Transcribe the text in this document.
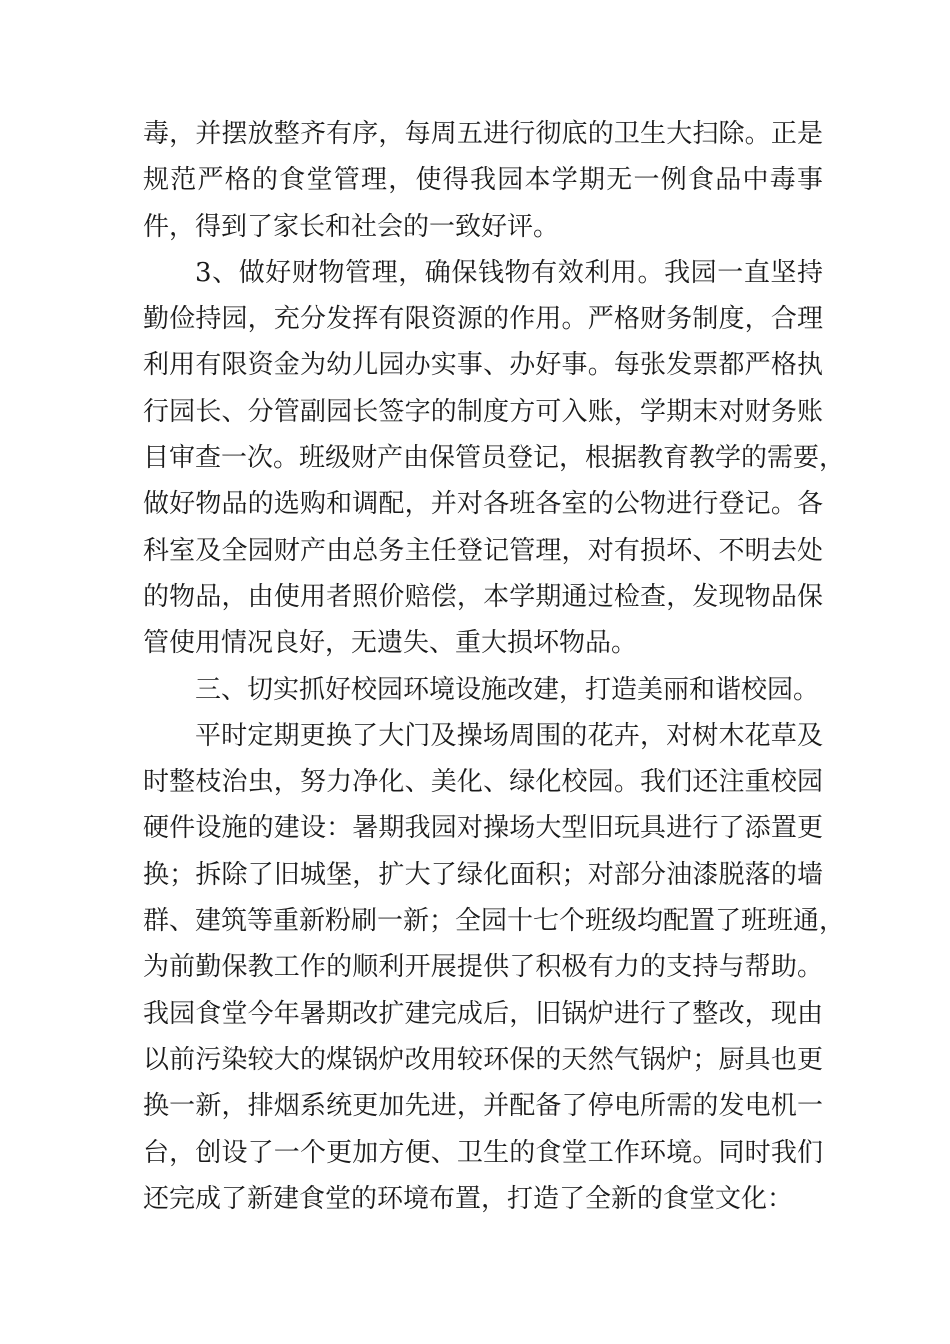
毒，并摆放整齐有序，每周五进行彻底的卫生大扫除。正是
规范严格的食堂管理，使得我园本学期无一例食品中毒事
件，得到了家长和社会的一致好评。
3、做好财物管理，确保钱物有效利用。我园一直坚持
勤俭持园，充分发挥有限资源的作用。严格财务制度，合理
利用有限资金为幼儿园办实事、办好事。每张发票都严格执
行园长、分管副园长签字的制度方可入账，学期末对财务账
目审查一次。班级财产由保管员登记，根据教育教学的需要，
做好物品的选购和调配，并对各班各室的公物进行登记。各
科室及全园财产由总务主任登记管理，对有损坏、不明去处
的物品，由使用者照价赔偿，本学期通过检查，发现物品保
管使用情况良好，无遗失、重大损坏物品。
三、切实抓好校园环境设施改建，打造美丽和谐校园。
平时定期更换了大门及操场周围的花卉，对树木花草及
时整枝治虫，努力净化、美化、绿化校园。我们还注重校园
硬件设施的建设：暑期我园对操场大型旧玩具进行了添置更
换；拆除了旧城堡，扩大了绿化面积；对部分油漆脱落的墙
群、建筑等重新粉刷一新；全园十七个班级均配置了班班通，
为前勤保教工作的顺利开展提供了积极有力的支持与帮助。
我园食堂今年暑期改扩建完成后，旧锅炉进行了整改，现由
以前污染较大的煤锅炉改用较环保的天然气锅炉；厨具也更
换一新，排烟系统更加先进，并配备了停电所需的发电机一
台，创设了一个更加方便、卫生的食堂工作环境。同时我们
还完成了新建食堂的环境布置，打造了全新的食堂文化：
